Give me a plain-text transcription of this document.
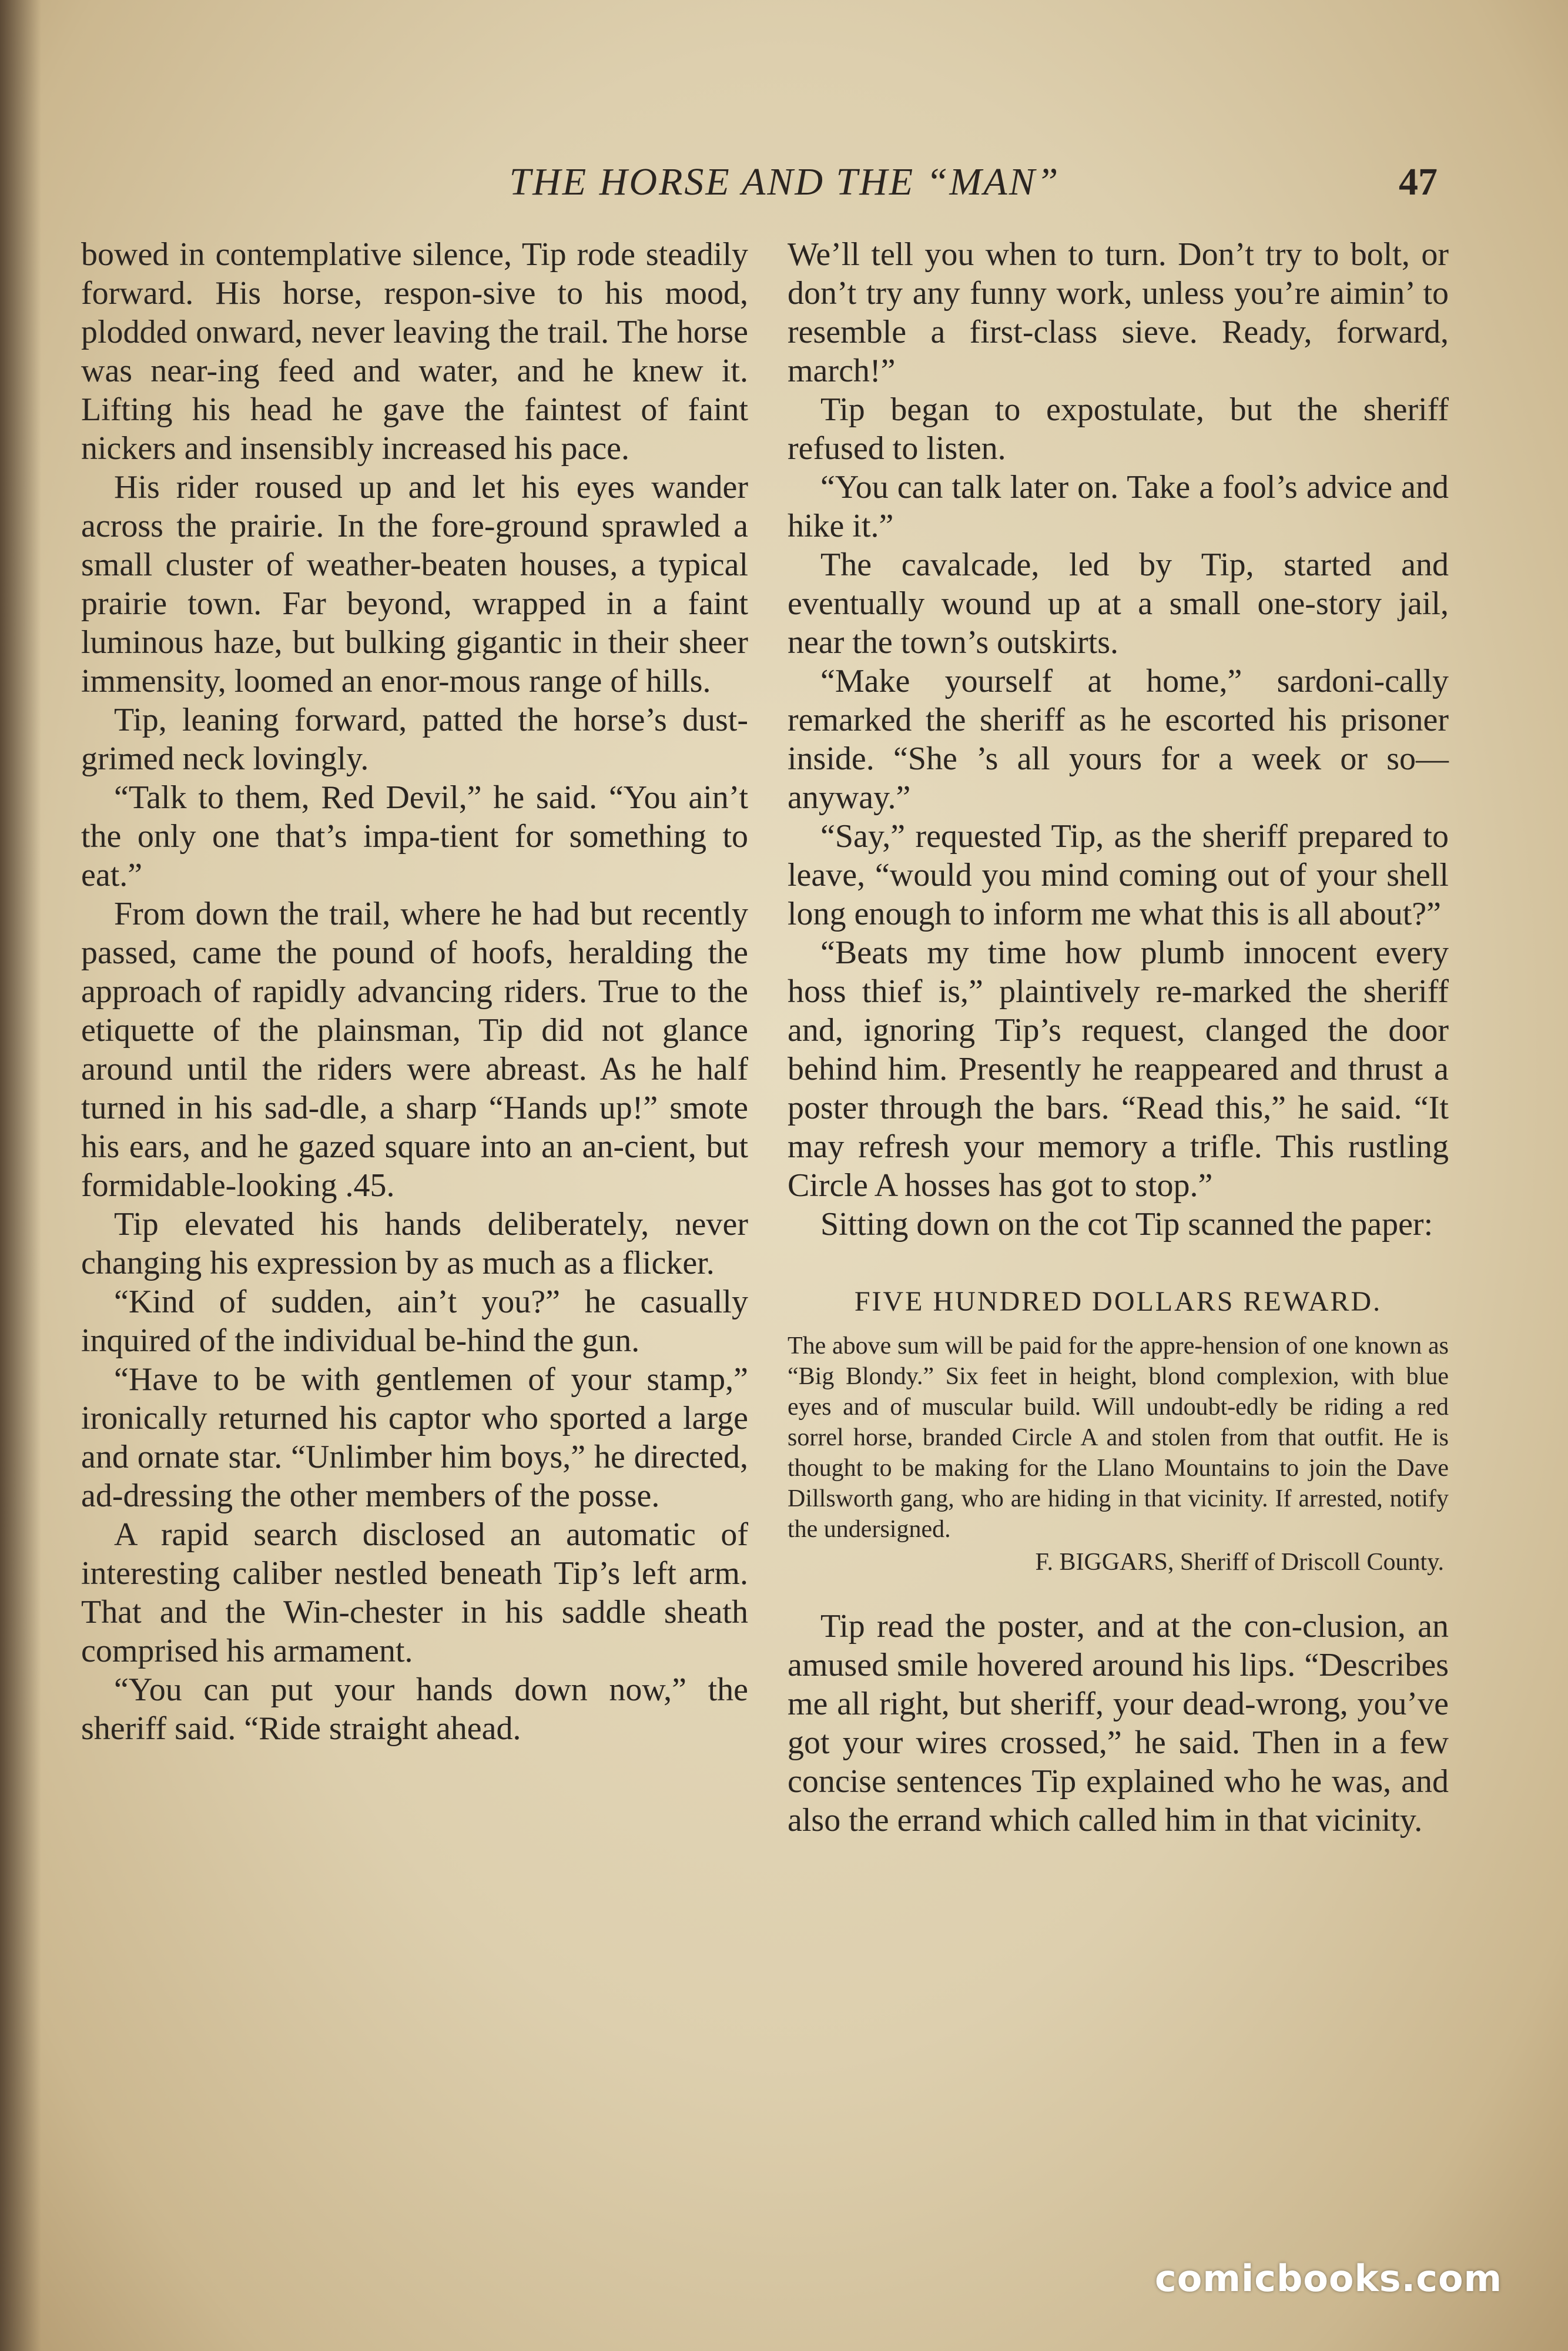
THE HORSE AND THE “MAN”	47

bowed in contemplative silence, Tip rode steadily forward. His horse, respon-sive to his mood, plodded onward, never leaving the trail. The horse was near-ing feed and water, and he knew it. Lifting his head he gave the faintest of faint nickers and insensibly increased his pace.

His rider roused up and let his eyes wander across the prairie. In the fore-ground sprawled a small cluster of weather-beaten houses, a typical prairie town. Far beyond, wrapped in a faint luminous haze, but bulking gigantic in their sheer immensity, loomed an enor-mous range of hills.

Tip, leaning forward, patted the horse’s dust-grimed neck lovingly.

“Talk to them, Red Devil,” he said. “You ain’t the only one that’s impa-tient for something to eat.”

From down the trail, where he had but recently passed, came the pound of hoofs, heralding the approach of rapidly advancing riders. True to the etiquette of the plainsman, Tip did not glance around until the riders were abreast. As he half turned in his sad-dle, a sharp “Hands up!” smote his ears, and he gazed square into an an-cient, but formidable-looking .45.

Tip elevated his hands deliberately, never changing his expression by as much as a flicker.

“Kind of sudden, ain’t you?” he casually inquired of the individual be-hind the gun.

“Have to be with gentlemen of your stamp,” ironically returned his captor who sported a large and ornate star. “Unlimber him boys,” he directed, ad-dressing the other members of the posse.

A rapid search disclosed an automatic of interesting caliber nestled beneath Tip’s left arm. That and the Win-chester in his saddle sheath comprised his armament.

“You can put your hands down now,” the sheriff said. “Ride straight ahead.

We’ll tell you when to turn. Don’t try to bolt, or don’t try any funny work, unless you’re aimin’ to resemble a first-class sieve. Ready, forward, march!”

Tip began to expostulate, but the sheriff refused to listen.

“You can talk later on. Take a fool’s advice and hike it.”

The cavalcade, led by Tip, started and eventually wound up at a small one-story jail, near the town’s outskirts.

“Make yourself at home,” sardoni-cally remarked the sheriff as he escorted his prisoner inside. “She ’s all yours for a week or so—anyway.”

“Say,” requested Tip, as the sheriff prepared to leave, “would you mind coming out of your shell long enough to inform me what this is all about?”

“Beats my time how plumb innocent every hoss thief is,” plaintively re-marked the sheriff and, ignoring Tip’s request, clanged the door behind him. Presently he reappeared and thrust a poster through the bars. “Read this,” he said. “It may refresh your memory a trifle. This rustling Circle A hosses has got to stop.”

Sitting down on the cot Tip scanned the paper:

FIVE HUNDRED DOLLARS REWARD.

The above sum will be paid for the appre-hension of one known as “Big Blondy.” Six feet in height, blond complexion, with blue eyes and of muscular build. Will undoubt-edly be riding a red sorrel horse, branded Circle A and stolen from that outfit. He is thought to be making for the Llano Mountains to join the Dave Dillsworth gang, who are hiding in that vicinity. If arrested, notify the undersigned.

F. BIGGARS, Sheriff of Driscoll County.

Tip read the poster, and at the con-clusion, an amused smile hovered around his lips. “Describes me all right, but sheriff, your dead-wrong, you’ve got your wires crossed,” he said. Then in a few concise sentences Tip explained who he was, and also the errand which called him in that vicinity.

comicbooks.com
